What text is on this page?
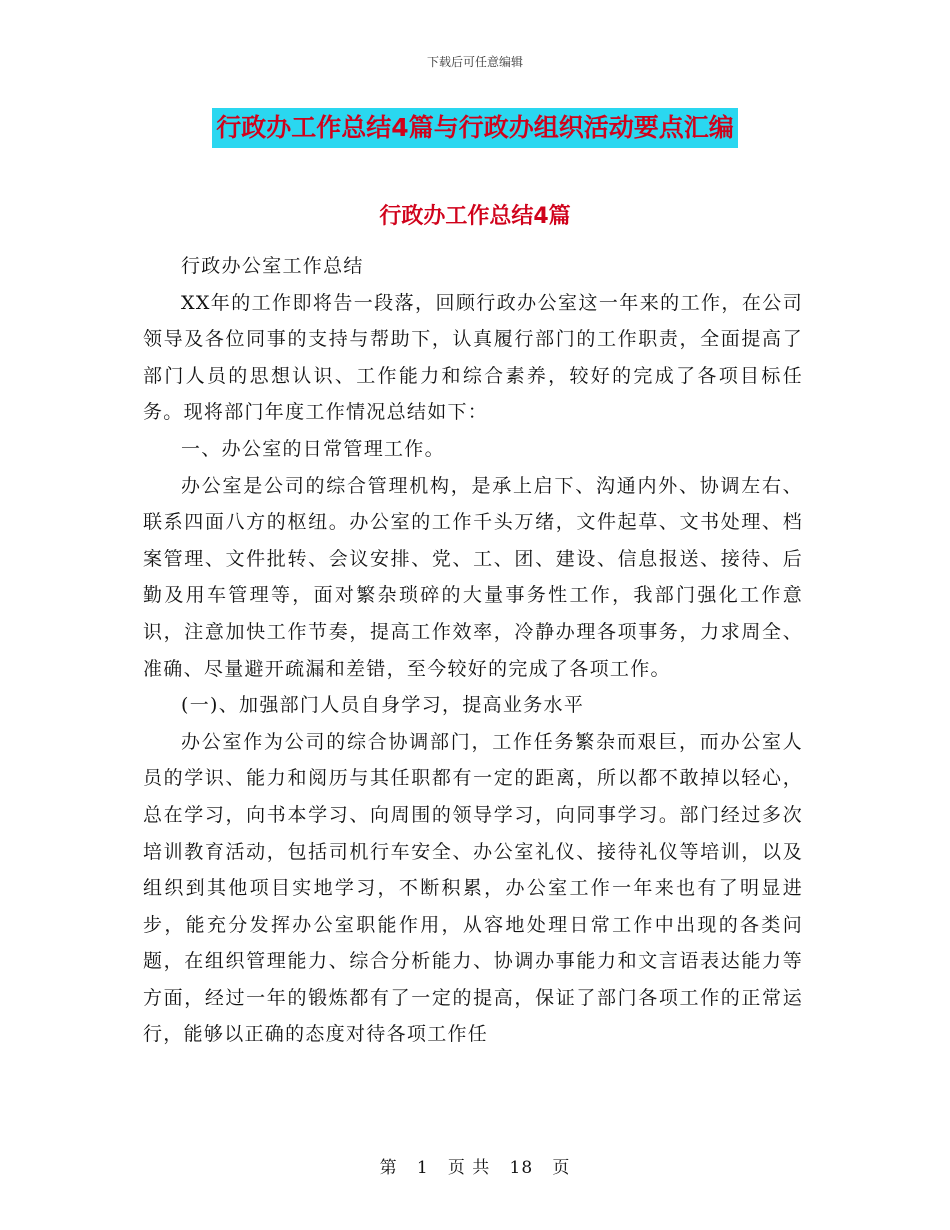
下载后可任意编辑
行政办工作总结4篇与行政办组织活动要点汇编
行政办工作总结4篇

行政办公室工作总结

XX年的工作即将告一段落，回顾行政办公室这一年来的工作，在公司领导及各位同事的支持与帮助下，认真履行部门的工作职责，全面提高了部门人员的思想认识、工作能力和综合素养，较好的完成了各项目标任务。现将部门年度工作情况总结如下：

一、办公室的日常管理工作。

办公室是公司的综合管理机构，是承上启下、沟通内外、协调左右、联系四面八方的枢纽。办公室的工作千头万绪，文件起草、文书处理、档案管理、文件批转、会议安排、党、工、团、建设、信息报送、接待、后勤及用车管理等，面对繁杂琐碎的大量事务性工作，我部门强化工作意识，注意加快工作节奏，提高工作效率，冷静办理各项事务，力求周全、准确、尽量避开疏漏和差错，至今较好的完成了各项工作。

(一)、加强部门人员自身学习，提高业务水平

办公室作为公司的综合协调部门，工作任务繁杂而艰巨，而办公室人员的学识、能力和阅历与其任职都有一定的距离，所以都不敢掉以轻心，总在学习，向书本学习、向周围的领导学习，向同事学习。部门经过多次培训教育活动，包括司机行车安全、办公室礼仪、接待礼仪等培训，以及组织到其他项目实地学习，不断积累，办公室工作一年来也有了明显进步，能充分发挥办公室职能作用，从容地处理日常工作中出现的各类问题，在组织管理能力、综合分析能力、协调办事能力和文言语表达能力等方面，经过一年的锻炼都有了一定的提高，保证了部门各项工作的正常运行，能够以正确的态度对待各项工作任

第 1 页 共 18 页
